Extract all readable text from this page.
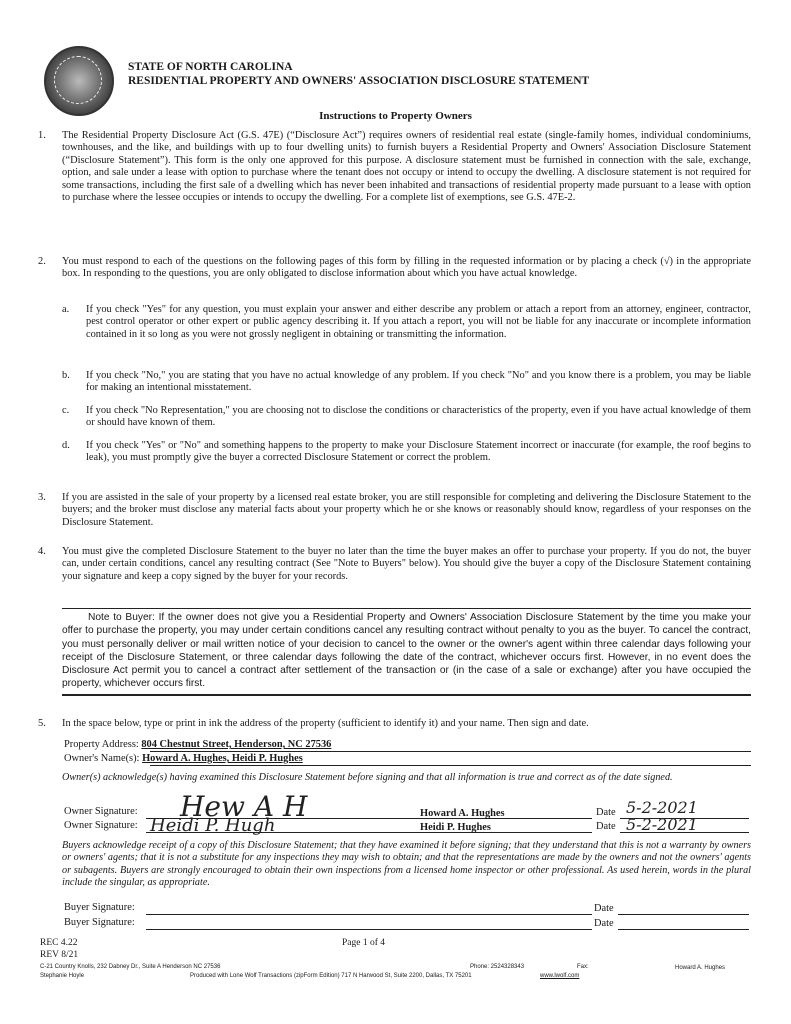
STATE OF NORTH CAROLINA
RESIDENTIAL PROPERTY AND OWNERS' ASSOCIATION DISCLOSURE STATEMENT
Instructions to Property Owners
1. The Residential Property Disclosure Act (G.S. 47E) (“Disclosure Act”) requires owners of residential real estate (single-family homes, individual condominiums, townhouses, and the like, and buildings with up to four dwelling units) to furnish buyers a Residential Property and Owners' Association Disclosure Statement (“Disclosure Statement”). This form is the only one approved for this purpose. A disclosure statement must be furnished in connection with the sale, exchange, option, and sale under a lease with option to purchase where the tenant does not occupy or intend to occupy the dwelling. A disclosure statement is not required for some transactions, including the first sale of a dwelling which has never been inhabited and transactions of residential property made pursuant to a lease with option to purchase where the lessee occupies or intends to occupy the dwelling. For a complete list of exemptions, see G.S. 47E-2.
2. You must respond to each of the questions on the following pages of this form by filling in the requested information or by placing a check (√) in the appropriate box. In responding to the questions, you are only obligated to disclose information about which you have actual knowledge.
a. If you check "Yes" for any question, you must explain your answer and either describe any problem or attach a report from an attorney, engineer, contractor, pest control operator or other expert or public agency describing it. If you attach a report, you will not be liable for any inaccurate or incomplete information contained in it so long as you were not grossly negligent in obtaining or transmitting the information.
b. If you check "No," you are stating that you have no actual knowledge of any problem. If you check "No" and you know there is a problem, you may be liable for making an intentional misstatement.
c. If you check "No Representation," you are choosing not to disclose the conditions or characteristics of the property, even if you have actual knowledge of them or should have known of them.
d. If you check "Yes" or "No" and something happens to the property to make your Disclosure Statement incorrect or inaccurate (for example, the roof begins to leak), you must promptly give the buyer a corrected Disclosure Statement or correct the problem.
3. If you are assisted in the sale of your property by a licensed real estate broker, you are still responsible for completing and delivering the Disclosure Statement to the buyers; and the broker must disclose any material facts about your property which he or she knows or reasonably should know, regardless of your responses on the Disclosure Statement.
4. You must give the completed Disclosure Statement to the buyer no later than the time the buyer makes an offer to purchase your property. If you do not, the buyer can, under certain conditions, cancel any resulting contract (See "Note to Buyers" below). You should give the buyer a copy of the Disclosure Statement containing your signature and keep a copy signed by the buyer for your records.
Note to Buyer: If the owner does not give you a Residential Property and Owners' Association Disclosure Statement by the time you make your offer to purchase the property, you may under certain conditions cancel any resulting contract without penalty to you as the buyer. To cancel the contract, you must personally deliver or mail written notice of your decision to cancel to the owner or the owner's agent within three calendar days following your receipt of the Disclosure Statement, or three calendar days following the date of the contract, whichever occurs first. However, in no event does the Disclosure Act permit you to cancel a contract after settlement of the transaction or (in the case of a sale or exchange) after you have occupied the property, whichever occurs first.
5. In the space below, type or print in ink the address of the property (sufficient to identify it) and your name. Then sign and date.
Property Address: 804 Chestnut Street, Henderson, NC 27536
Owner's Name(s): Howard A. Hughes, Heidi P. Hughes
Owner(s) acknowledge(s) having examined this Disclosure Statement before signing and that all information is true and correct as of the date signed.
Owner Signature: H​ew A H	Howard A. Hughes	Date 5-2-2021
Owner Signature: Heidi P. Hugh	Heidi P. Hughes	Date 5-2-2021
Buyers acknowledge receipt of a copy of this Disclosure Statement; that they have examined it before signing; that they understand that this is not a warranty by owners or owners' agents; that it is not a substitute for any inspections they may wish to obtain; and that the representations are made by the owners and not the owners' agents or subagents. Buyers are strongly encouraged to obtain their own inspections from a licensed home inspector or other professional. As used herein, words in the plural include the singular, as appropriate.
Buyer Signature:	Date
Buyer Signature:	Date
REC 4.22
REV 8/21
Page 1 of 4
C-21 Country Knolls, 232 Dabney Dr., Suite A Henderson NC 27536	Phone: 2524328343	Fax:	Howard A. Hughes
Stephanie Hoyle	Produced with Lone Wolf Transactions (zipForm Edition) 717 N Harwood St, Suite 2200, Dallas, TX 75201	www.lwolf.com
